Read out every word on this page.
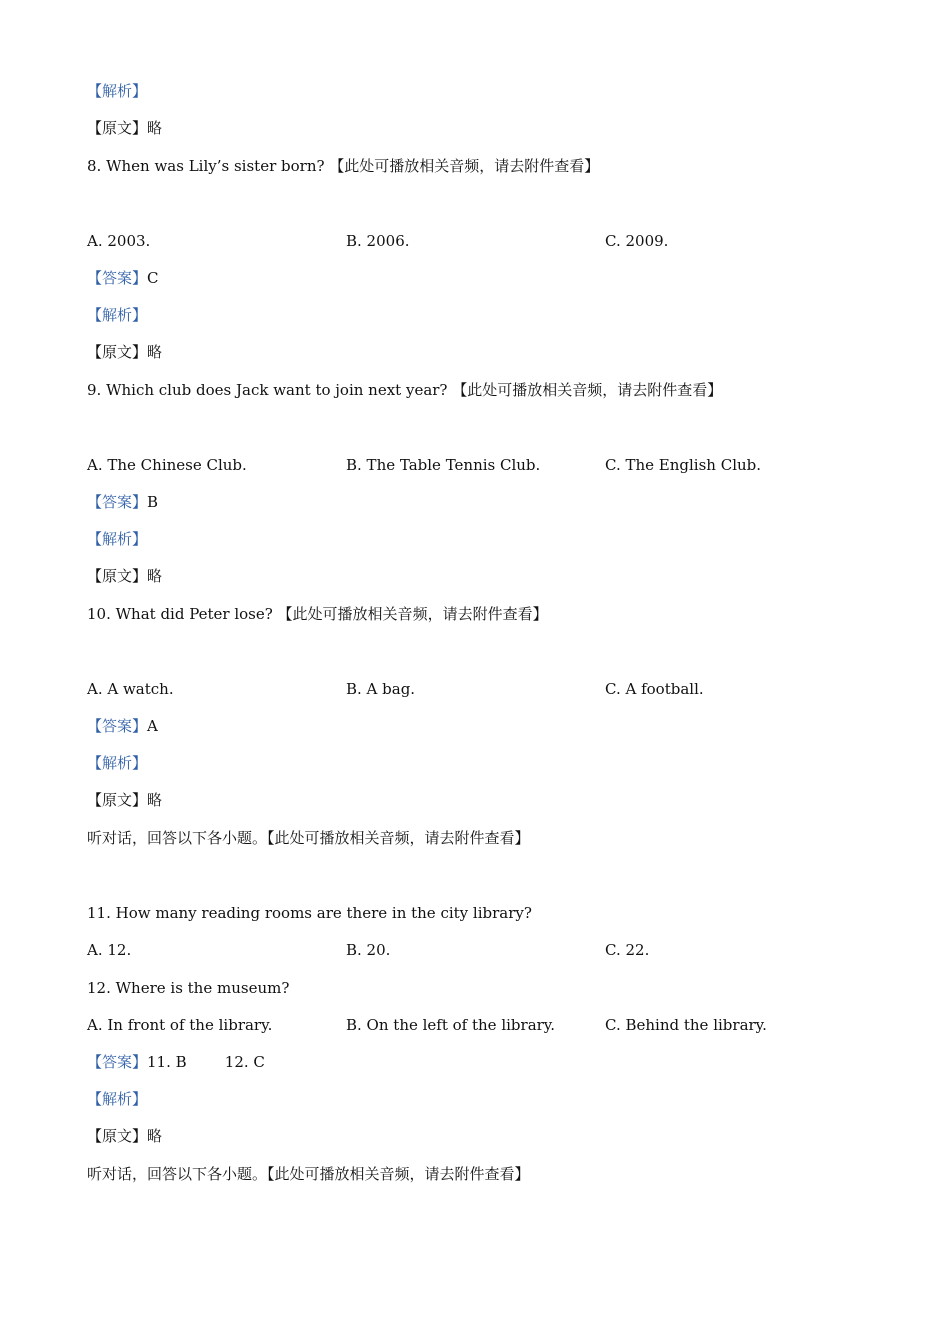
【解析】
【原文】略
8. When was Lily’s sister born? 【此处可播放相关音频，请去附件查看】
A. 2003.	B. 2006.	C. 2009.
【答案】C
【解析】
【原文】略
9. Which club does Jack want to join next year? 【此处可播放相关音频，请去附件查看】
A. The Chinese Club.	B. The Table Tennis Club.	C. The English Club.
【答案】B
【解析】
【原文】略
10. What did Peter lose? 【此处可播放相关音频，请去附件查看】
A. A watch.	B. A bag.	C. A football.
【答案】A
【解析】
【原文】略
听对话，回答以下各小题。【此处可播放相关音频，请去附件查看】
11. How many reading rooms are there in the city library?
A. 12.	B. 20.	C. 22.
12. Where is the museum?
A. In front of the library.	B. On the left of the library.	C. Behind the library.
【答案】11. B        12. C
【解析】
【原文】略
听对话，回答以下各小题。【此处可播放相关音频，请去附件查看】
